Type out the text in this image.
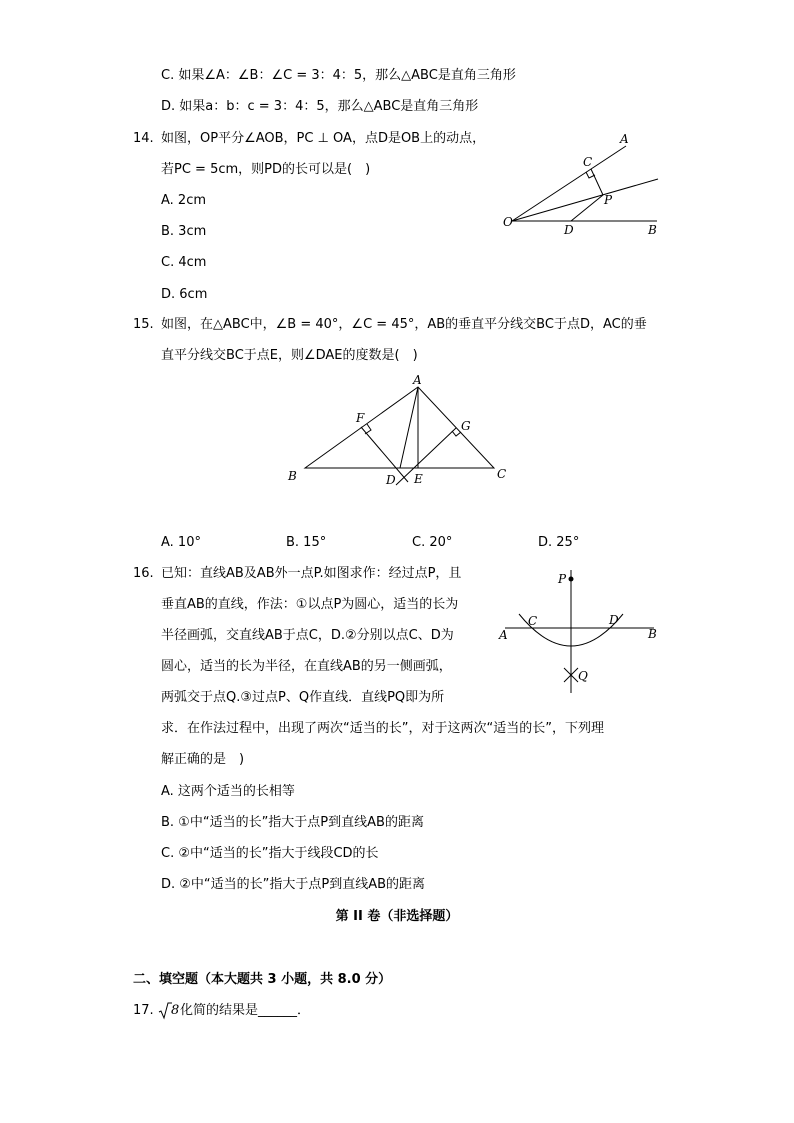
C. 如果∠A：∠B：∠C = 3：4：5，那么△ABC是直角三角形
D. 如果a：b：c = 3：4：5，那么△ABC是直角三角形
14. 如图，OP平分∠AOB，PC ⊥ OA，点D是OB上的动点，
若PC = 5cm，则PD的长可以是(　)
A. 2cm
B. 3cm
C. 4cm
D. 6cm
O
A
B
C
P
D
15. 如图，在△ABC中，∠B = 40°，∠C = 45°，AB的垂直平分线交BC于点D，AC的垂
直平分线交BC于点E，则∠DAE的度数是(　)
A
B	C
D E
F
G
A. 10°	B. 15°	C. 20°	D. 25°
16. 已知：直线AB及AB外一点P.如图求作：经过点P，且
垂直AB的直线，作法：①以点P为圆心，适当的长为
半径画弧，交直线AB于点C，D.②分别以点C、D为
圆心，适当的长为半径，在直线AB的另一侧画弧，
两弧交于点Q.③过点P、Q作直线．直线PQ即为所
求．在作法过程中，出现了两次“适当的长”，对于这两次“适当的长”，下列理
解正确的是　)
A. 这两个适当的长相等
B. ①中“适当的长”指大于点P到直线AB的距离
C. ②中“适当的长”指大于线段CD的长
D. ②中“适当的长”指大于点P到直线AB的距离
P
A	B
C	D
Q
第 II 卷（非选择题）
二、填空题（本大题共 3 小题，共 8.0 分）
17. 8 化简的结果是______．
